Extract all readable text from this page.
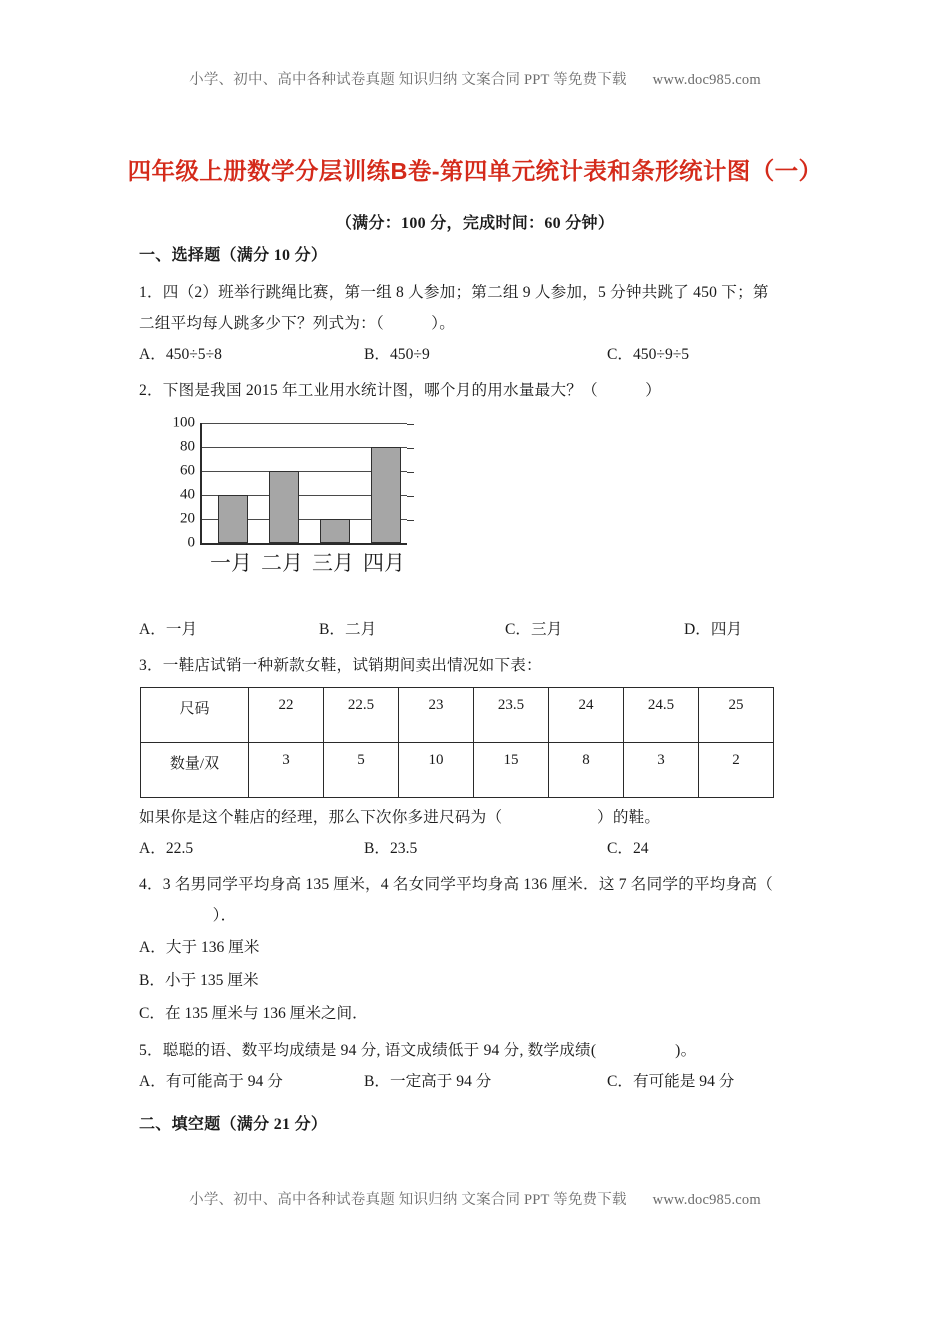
小学、初中、高中各种试卷真题 知识归纳 文案合同 PPT 等免费下载 www.doc985.com
四年级上册数学分层训练B卷-第四单元统计表和条形统计图（一）
（满分：100 分，完成时间：60 分钟）
一、选择题（满分 10 分）

1．四（2）班举行跳绳比赛，第一组 8 人参加；第二组 9 人参加，5 分钟共跳了 450 下；第

二组平均每人跳多少下？列式为：（　　　）。

A．450÷5÷8	B．450÷9	C．450÷9÷5

2．下图是我国 2015 年工业用水统计图，哪个月的用水量最大？（　　　）

100
80
60
40
20
0
一月 二月 三月 四月
A．一月	B．二月	C．三月	D．四月

3．一鞋店试销一种新款女鞋，试销期间卖出情况如下表：

尺码	22	22.5	23	23.5	24	24.5	25
数量/双	3	5	10	15	8	3	2

如果你是这个鞋店的经理，那么下次你多进尺码为（　　　　　　）的鞋。

A．22.5	B．23.5	C．24

4．3 名男同学平均身高 135 厘米，4 名女同学平均身高 136 厘米．这 7 名同学的平均身高（

　　）．

A．大于 136 厘米
B．小于 135 厘米
C．在 135 厘米与 136 厘米之间．

5．聪聪的语、数平均成绩是 94 分, 语文成绩低于 94 分, 数学成绩(　　　　　)。

A．有可能高于 94 分	B．一定高于 94 分	C．有可能是 94 分
二、填空题（满分 21 分）
小学、初中、高中各种试卷真题 知识归纳 文案合同 PPT 等免费下载 www.doc985.com
